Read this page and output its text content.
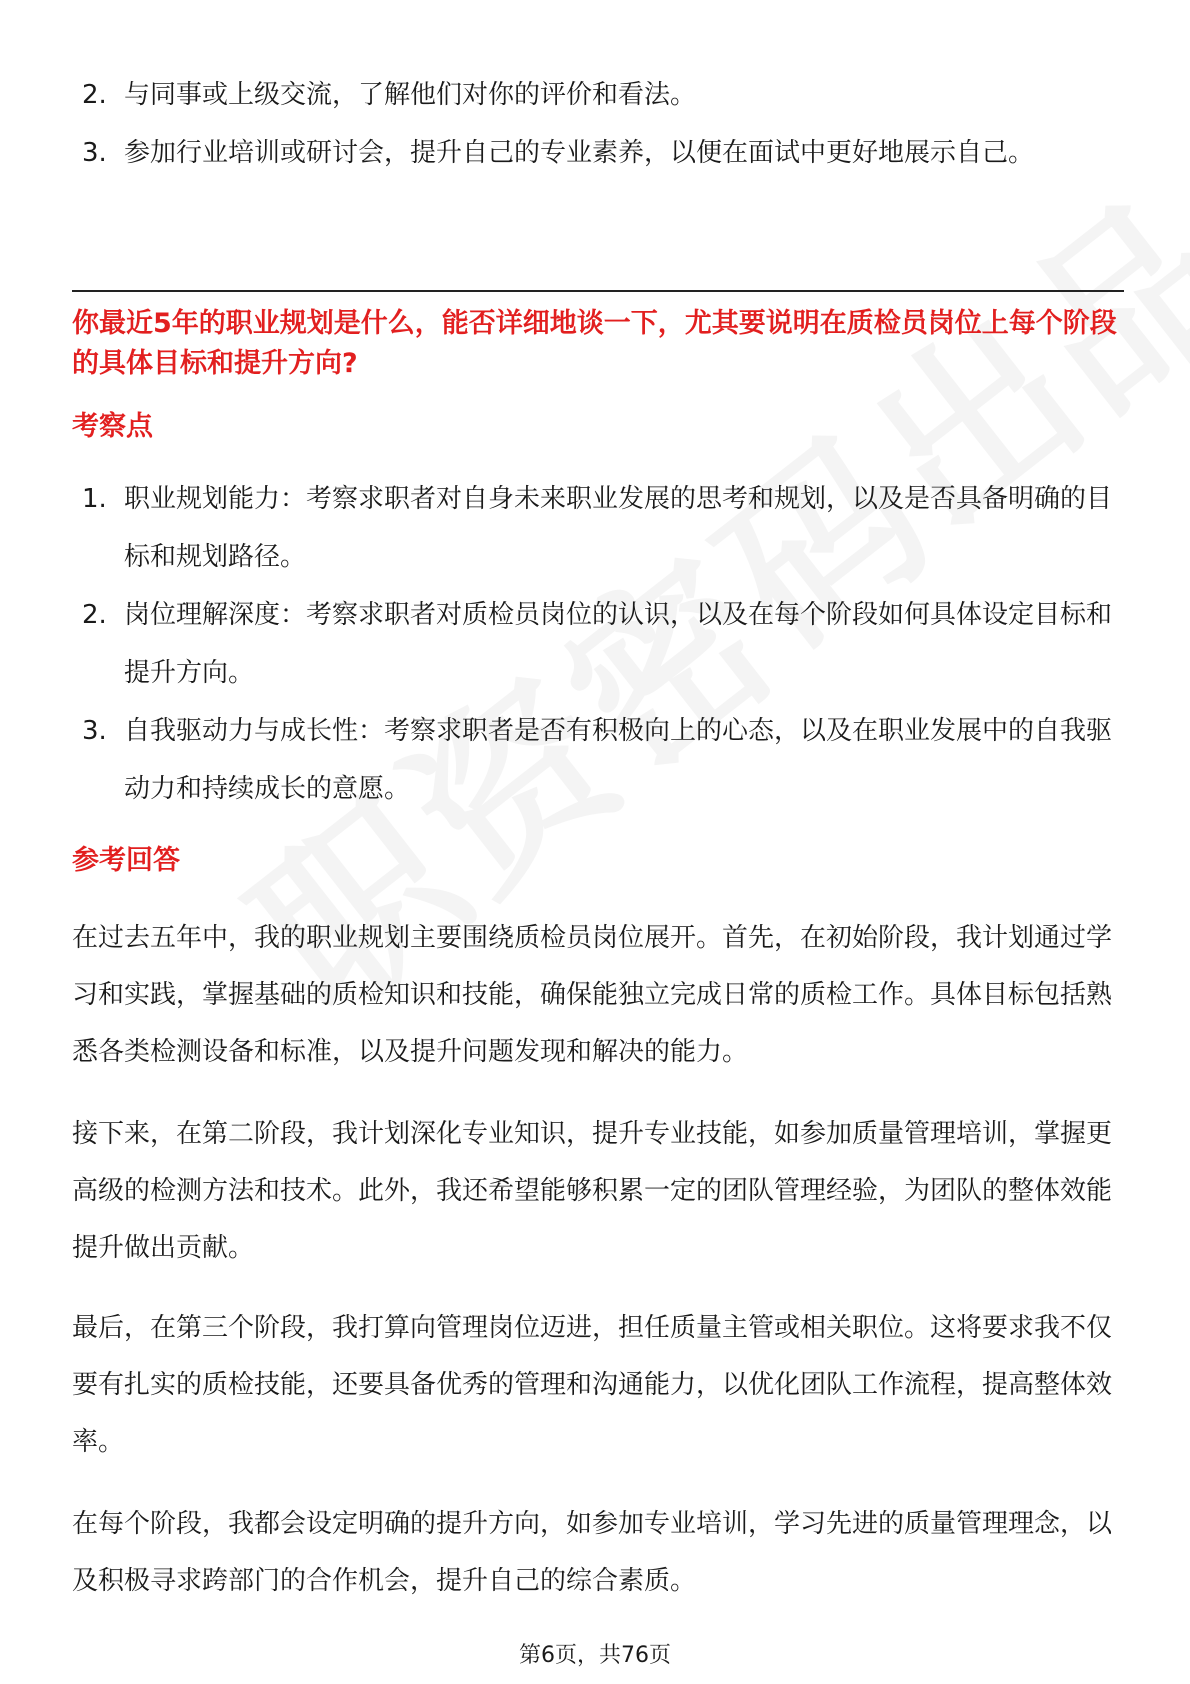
2. 与同事或上级交流，了解他们对你的评价和看法。
3. 参加行业培训或研讨会，提升自己的专业素养，以便在面试中更好地展示自己。
你最近5年的职业规划是什么，能否详细地谈一下，尤其要说明在质检员岗位上每个阶段的具体目标和提升方向?
考察点
1. 职业规划能力：考察求职者对自身未来职业发展的思考和规划，以及是否具备明确的目标和规划路径。
2. 岗位理解深度：考察求职者对质检员岗位的认识，以及在每个阶段如何具体设定目标和提升方向。
3. 自我驱动力与成长性：考察求职者是否有积极向上的心态，以及在职业发展中的自我驱动力和持续成长的意愿。
参考回答

在过去五年中，我的职业规划主要围绕质检员岗位展开。首先，在初始阶段，我计划通过学习和实践，掌握基础的质检知识和技能，确保能独立完成日常的质检工作。具体目标包括熟悉各类检测设备和标准，以及提升问题发现和解决的能力。

接下来，在第二阶段，我计划深化专业知识，提升专业技能，如参加质量管理培训，掌握更高级的检测方法和技术。此外，我还希望能够积累一定的团队管理经验，为团队的整体效能提升做出贡献。

最后，在第三个阶段，我打算向管理岗位迈进，担任质量主管或相关职位。这将要求我不仅要有扎实的质检技能，还要具备优秀的管理和沟通能力，以优化团队工作流程，提高整体效率。

在每个阶段，我都会设定明确的提升方向，如参加专业培训，学习先进的质量管理理念，以及积极寻求跨部门的合作机会，提升自己的综合素质。

第6页，共76页
